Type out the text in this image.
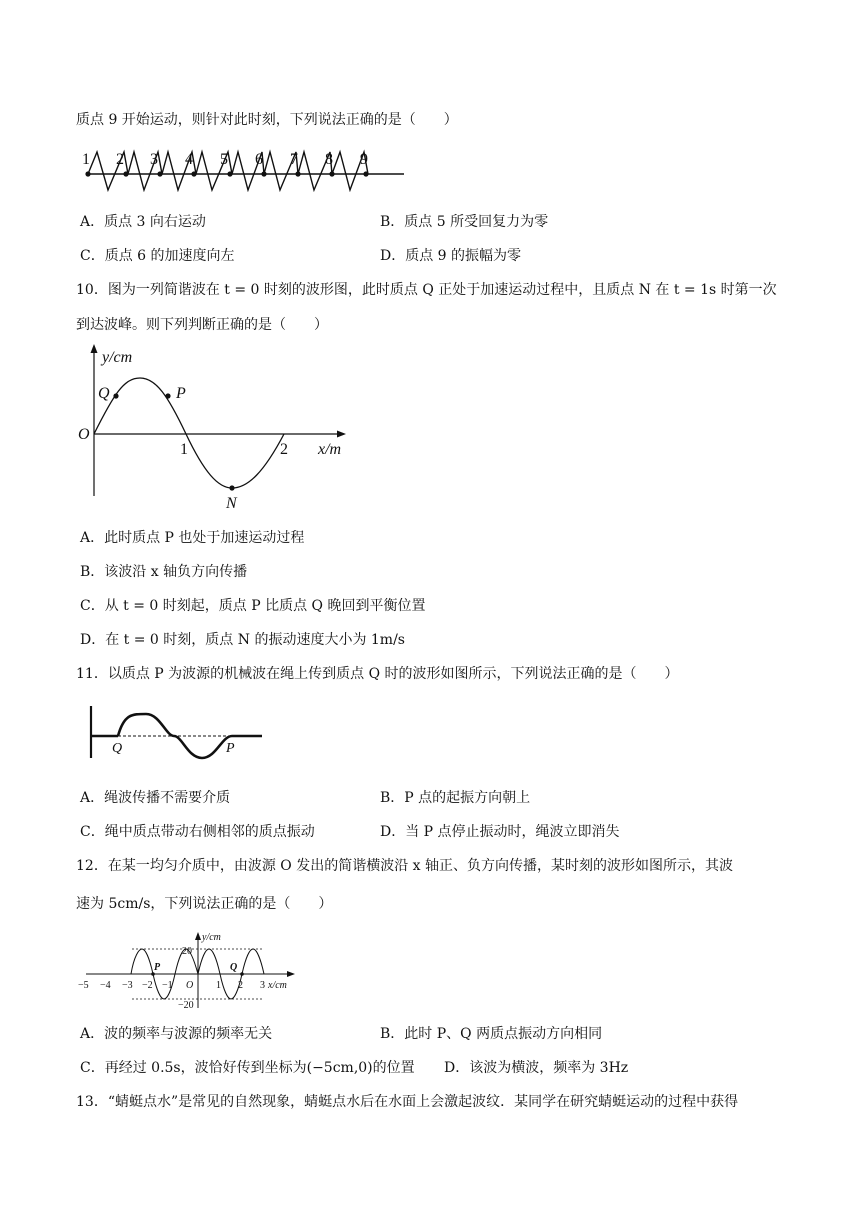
质点 9 开始运动，则针对此时刻，下列说法正确的是（　　）
1 2 3 4 5 6 7 8 9
A．质点 3 向右运动	B．质点 5 所受回复力为零
C．质点 6 的加速度向左	D．质点 9 的振幅为零
10．图为一列简谐波在 t = 0 时刻的波形图，此时质点 Q 正处于加速运动过程中，且质点 N 在 t = 1s 时第一次
到达波峰。则下列判断正确的是（　　）
y/cm
x/m
O
1	2
Q	P
N
A．此时质点 P 也处于加速运动过程
B．该波沿 x 轴负方向传播
C．从 t = 0 时刻起，质点 P 比质点 Q 晚回到平衡位置
D．在 t = 0 时刻，质点 N 的振动速度大小为 1m/s
11．以质点 P 为波源的机械波在绳上传到质点 Q 时的波形如图所示，下列说法正确的是（　　）
Q	P
A．绳波传播不需要介质	B．P 点的起振方向朝上
C．绳中质点带动右侧相邻的质点振动	D．当 P 点停止振动时，绳波立即消失
12．在某一均匀介质中，由波源 O 发出的简谐横波沿 x 轴正、负方向传播，某时刻的波形如图所示，其波
速为 5cm/s，下列说法正确的是（　　）
y/cm
20
−20
x/cm
−5 −4 −3 −2 −1 O 1 2 3
P	Q
A．波的频率与波源的频率无关	B．此时 P、Q 两质点振动方向相同
C．再经过 0.5s，波恰好传到坐标为(−5cm,0)的位置 D．该波为横波，频率为 3Hz
13．“蜻蜓点水”是常见的自然现象，蜻蜓点水后在水面上会激起波纹．某同学在研究蜻蜓运动的过程中获得
